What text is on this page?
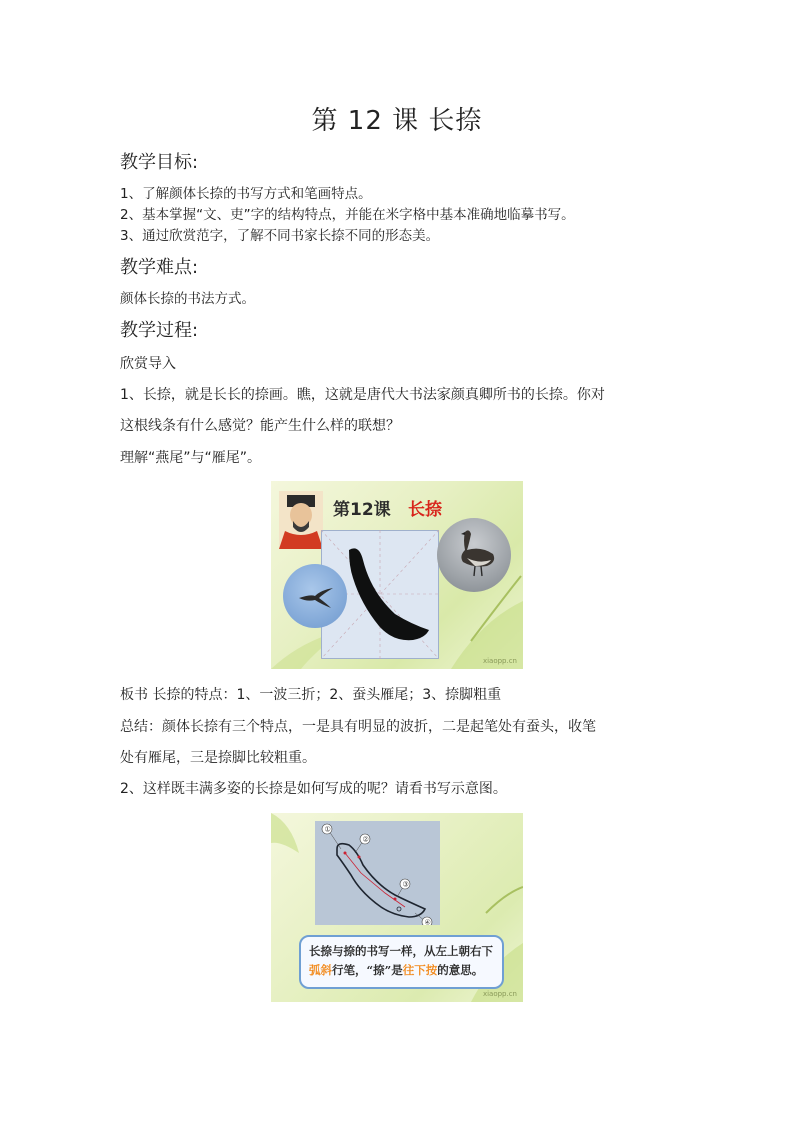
第 12 课 长捺
教学目标:
1、了解颜体长捺的书写方式和笔画特点。
2、基本掌握“文、吏”字的结构特点，并能在米字格中基本准确地临摹书写。
3、通过欣赏范字，了解不同书家长捺不同的形态美。
教学难点:
颜体长捺的书法方式。
教学过程:
欣赏导入
1、长捺，就是长长的捺画。瞧，这就是唐代大书法家颜真卿所书的长捺。你对
这根线条有什么感觉？能产生什么样的联想？
理解“燕尾”与“雁尾”。
第12课 长捺
xiaopp.cn
板书 长捺的特点：1、一波三折；2、蚕头雁尾；3、捺脚粗重
总结：颜体长捺有三个特点，一是具有明显的波折，二是起笔处有蚕头，收笔
处有雁尾，三是捺脚比较粗重。
2、这样既丰满多姿的长捺是如何写成的呢？请看书写示意图。
①
②
③
④
长捺与捺的书写一样，从左上朝右下弧斜行笔，“捺”是往下按的意思。
xiaopp.cn
